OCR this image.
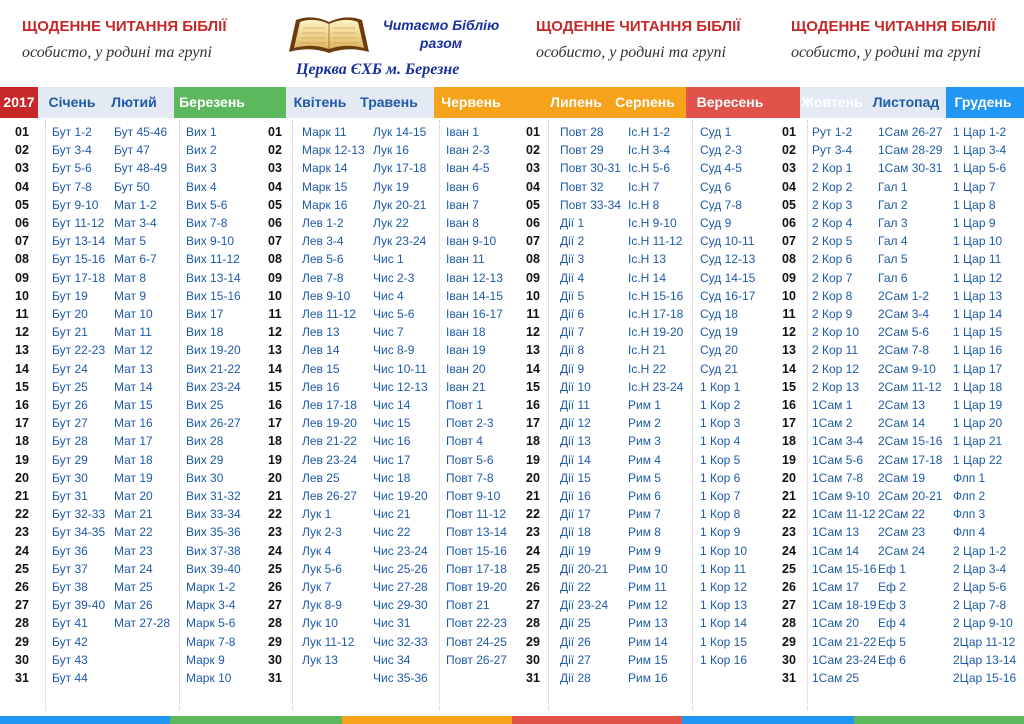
ЩОДЕННЕ ЧИТАННЯ БІБЛІЇ
особисто, у родині та групі
Читаємо Біблію
разом
Церква ЄХБ м. Березне
ЩОДЕННЕ ЧИТАННЯ БІБЛІЇ
особисто, у родині та групі
ЩОДЕННЕ ЧИТАННЯ БІБЛІЇ
особисто, у родині та групі
2017
01
02
03
04
05
06
07
08
09
10
11
12
13
14
15
16
17
18
19
20
21
22
23
24
25
26
27
28
29
30
31
01
02
03
04
05
06
07
08
09
10
11
12
13
14
15
16
17
18
19
20
21
22
23
24
25
26
27
28
29
30
31
01
02
03
04
05
06
07
08
09
10
11
12
13
14
15
16
17
18
19
20
21
22
23
24
25
26
27
28
29
30
31
01
02
03
04
05
06
07
08
09
10
11
12
13
14
15
16
17
18
19
20
21
22
23
24
25
26
27
28
29
30
31
Січень
Бут 1-2
Бут 3-4
Бут 5-6
Бут 7-8
Бут 9-10
Бут 11-12
Бут 13-14
Бут 15-16
Бут 17-18
Бут 19
Бут 20
Бут 21
Бут 22-23
Бут 24
Бут 25
Бут 26
Бут 27
Бут 28
Бут 29
Бут 30
Бут 31
Бут 32-33
Бут 34-35
Бут 36
Бут 37
Бут 38
Бут 39-40
Бут 41
Бут 42
Бут 43
Бут 44
Лютий
Бут 45-46
Бут 47
Бут 48-49
Бут 50
Мат 1-2
Мат 3-4
Мат 5
Мат 6-7
Мат 8
Мат 9
Мат 10
Мат 11
Мат 12
Мат 13
Мат 14
Мат 15
Мат 16
Мат 17
Мат 18
Мат 19
Мат 20
Мат 21
Мат 22
Мат 23
Мат 24
Мат 25
Мат 26
Мат 27-28
Березень
Вих 1
Вих 2
Вих 3
Вих 4
Вих 5-6
Вих 7-8
Вих 9-10
Вих 11-12
Вих 13-14
Вих 15-16
Вих 17
Вих 18
Вих 19-20
Вих 21-22
Вих 23-24
Вих 25
Вих 26-27
Вих 28
Вих 29
Вих 30
Вих 31-32
Вих 33-34
Вих 35-36
Вих 37-38
Вих 39-40
Марк 1-2
Марк 3-4
Марк 5-6
Марк 7-8
Марк 9
Марк 10
Квітень
Марк 11
Марк 12-13
Марк 14
Марк 15
Марк 16
Лев 1-2
Лев 3-4
Лев 5-6
Лев 7-8
Лев 9-10
Лев 11-12
Лев 13
Лев 14
Лев 15
Лев 16
Лев 17-18
Лев 19-20
Лев 21-22
Лев 23-24
Лев 25
Лев 26-27
Лук 1
Лук 2-3
Лук 4
Лук 5-6
Лук 7
Лук 8-9
Лук 10
Лук 11-12
Лук 13
Травень
Лук 14-15
Лук 16
Лук 17-18
Лук 19
Лук 20-21
Лук 22
Лук 23-24
Чис 1
Чис 2-3
Чис 4
Чис 5-6
Чис 7
Чис 8-9
Чис 10-11
Чис 12-13
Чис 14
Чис 15
Чис 16
Чис 17
Чис 18
Чис 19-20
Чис 21
Чис 22
Чис 23-24
Чис 25-26
Чис 27-28
Чис 29-30
Чис 31
Чис 32-33
Чис 34
Чис 35-36
Червень
Іван 1
Іван 2-3
Іван 4-5
Іван 6
Іван 7
Іван 8
Іван 9-10
Іван 11
Іван 12-13
Іван 14-15
Іван 16-17
Іван 18
Іван 19
Іван 20
Іван 21
Повт 1
Повт 2-3
Повт 4
Повт 5-6
Повт 7-8
Повт 9-10
Повт 11-12
Повт 13-14
Повт 15-16
Повт 17-18
Повт 19-20
Повт 21
Повт 22-23
Повт 24-25
Повт 26-27
Липень
Повт 28
Повт 29
Повт 30-31
Повт 32
Повт 33-34
Дії 1
Дії 2
Дії 3
Дії 4
Дії 5
Дії 6
Дії 7
Дії 8
Дії 9
Дії 10
Дії 11
Дії 12
Дії 13
Дії 14
Дії 15
Дії 16
Дії 17
Дії 18
Дії 19
Дії 20-21
Дії 22
Дії 23-24
Дії 25
Дії 26
Дії 27
Дії 28
Серпень
Іс.Н 1-2
Іс.Н 3-4
Іс.Н 5-6
Іс.Н 7
Іс.Н 8
Іс.Н 9-10
Іс.Н 11-12
Іс.Н 13
Іс.Н 14
Іс.Н 15-16
Іс.Н 17-18
Іс.Н 19-20
Іс.Н 21
Іс.Н 22
Іс.Н 23-24
Рим 1
Рим 2
Рим 3
Рим 4
Рим 5
Рим 6
Рим 7
Рим 8
Рим 9
Рим 10
Рим 11
Рим 12
Рим 13
Рим 14
Рим 15
Рим 16
Вересень
Суд 1
Суд 2-3
Суд 4-5
Суд 6
Суд 7-8
Суд 9
Суд 10-11
Суд 12-13
Суд 14-15
Суд 16-17
Суд 18
Суд 19
Суд 20
Суд 21
1 Кор 1
1 Кор 2
1 Кор 3
1 Кор 4
1 Кор 5
1 Кор 6
1 Кор 7
1 Кор 8
1 Кор 9
1 Кор 10
1 Кор 11
1 Кор 12
1 Кор 13
1 Кор 14
1 Кор 15
1 Кор 16
Жовтень
Рут 1-2
Рут 3-4
2 Кор 1
2 Кор 2
2 Кор 3
2 Кор 4
2 Кор 5
2 Кор 6
2 Кор 7
2 Кор 8
2 Кор 9
2 Кор 10
2 Кор 11
2 Кор 12
2 Кор 13
1Сам 1
1Сам 2
1Сам 3-4
1Сам 5-6
1Сам 7-8
1Сам 9-10
1Сам 11-12
1Сам 13
1Сам 14
1Сам 15-16
1Сам 17
1Сам 18-19
1Сам 20
1Сам 21-22
1Сам 23-24
1Сам 25
Листопад
1Сам 26-27
1Сам 28-29
1Сам 30-31
Гал 1
Гал 2
Гал 3
Гал 4
Гал 5
Гал 6
2Сам 1-2
2Сам 3-4
2Сам 5-6
2Сам 7-8
2Сам 9-10
2Сам 11-12
2Сам 13
2Сам 14
2Сам 15-16
2Сам 17-18
2Сам 19
2Сам 20-21
2Сам 22
2Сам 23
2Сам 24
Еф 1
Еф 2
Еф 3
Еф 4
Еф 5
Еф 6
Грудень
1 Цар 1-2
1 Цар 3-4
1 Цар 5-6
1 Цар 7
1 Цар 8
1 Цар 9
1 Цар 10
1 Цар 11
1 Цар 12
1 Цар 13
1 Цар 14
1 Цар 15
1 Цар 16
1 Цар 17
1 Цар 18
1 Цар 19
1 Цар 20
1 Цар 21
1 Цар 22
Флп 1
Флп 2
Флп 3
Флп 4
2 Цар 1-2
2 Цар 3-4
2 Цар 5-6
2 Цар 7-8
2 Цар 9-10
2Цар 11-12
2Цар 13-14
2Цар 15-16
